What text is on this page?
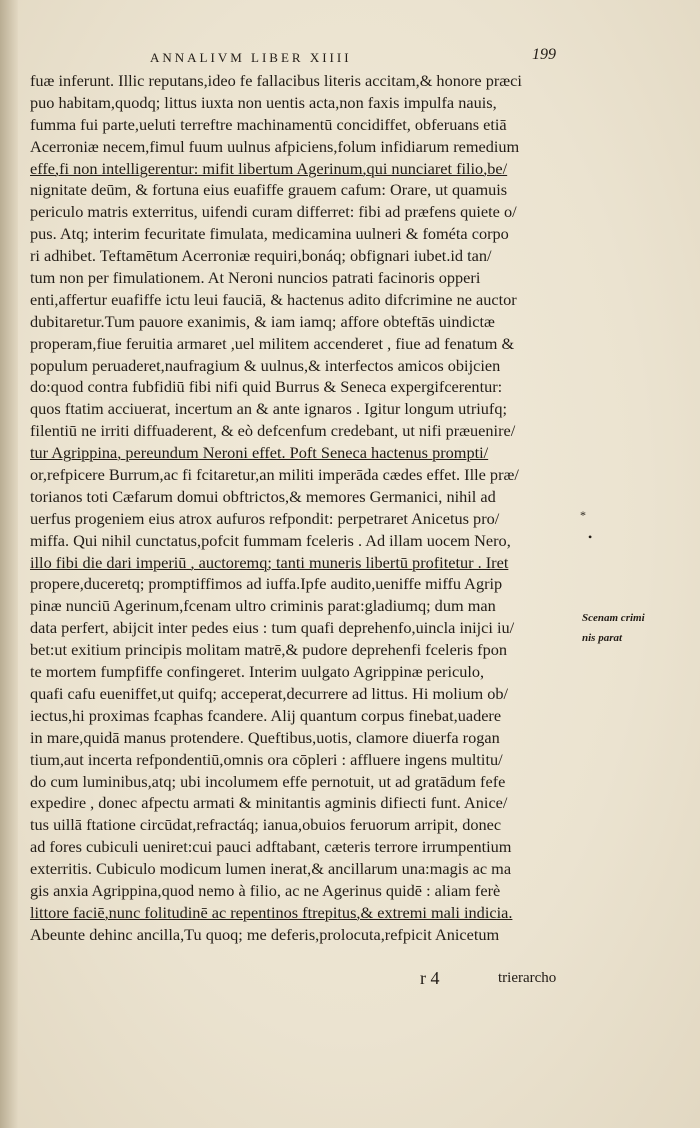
ANNALIVM LIBER XIIII	199
fuæ inferunt. Illic reputans,ideo fe fallacibus literis accitam,& honore præci
puo habitam,quodq; littus iuxta non uentis acta,non faxis impulfa nauis,
fumma fui parte,ueluti terreftre machinamentū concidiffet, obferuans etiā
Acerroniæ necem,fimul fuum uulnus afpiciens,folum infidiarum remedium
effe,fi non intelligerentur: mifit libertum Agerinum,qui nunciaret filio,be/
nignitate deūm, & fortuna eius euafiffe grauem cafum: Orare, ut quamuis
periculo matris exterritus, uifendi curam differret: fibi ad præfens quiete o/
pus. Atq; interim fecuritate fimulata, medicamina uulneri & fométa corpo
ri adhibet. Teftamētum Acerroniæ requiri,bonáq; obfignari iubet.id tan/
tum non per fimulationem. At Neroni nuncios patrati facinoris opperi
enti,affertur euafiffe ictu leui fauciā, & hactenus adito difcrimine ne auctor
dubitaretur.Tum pauore exanimis, & iam iamq; affore obteftās uindictæ
properam,fiue feruitia armaret ,uel militem accenderet , fiue ad fenatum &
populum peruaderet,naufragium & uulnus,& interfectos amicos obijcien
do:quod contra fubfidiū fibi nifi quid Burrus & Seneca expergifcerentur:
quos ftatim acciuerat, incertum an & ante ignaros . Igitur longum utriufq;
filentiū ne irriti diffuaderent, & eò defcenfum credebant, ut nifi præuenire/
tur Agrippina, pereundum Neroni effet. Poft Seneca hactenus prompti/
or,refpicere Burrum,ac fi fcitaretur,an militi imperāda cædes effet. Ille præ/
torianos toti Cæfarum domui obftrictos,& memores Germanici, nihil ad
uerfus progeniem eius atrox aufuros refpondit: perpetraret Anicetus pro/
miffa. Qui nihil cunctatus,pofcit fummam fceleris . Ad illam uocem Nero,
illo fibi die dari imperiū , auctoremq; tanti muneris libertū profitetur . Iret
propere,duceretq; promptiffimos ad iuffa.Ipfe audito,ueniffe miffu Agrip
pinæ nunciū Agerinum,fcenam ultro criminis parat:gladiumq; dum man
data perfert, abijcit inter pedes eius : tum quafi deprehenfo,uincla inijci iu/
bet:ut exitium principis molitam matrē,& pudore deprehenfi fceleris fpon
te mortem fumpfiffe confingeret. Interim uulgato Agrippinæ periculo,
quafi cafu eueniffet,ut quifq; acceperat,decurrere ad littus. Hi molium ob/
iectus,hi proximas fcaphas fcandere. Alij quantum corpus finebat,uadere
in mare,quidā manus protendere. Queftibus,uotis, clamore diuerfa rogan
tium,aut incerta refpondentiū,omnis ora cōpleri : affluere ingens multitu/
do cum luminibus,atq; ubi incolumem effe pernotuit, ut ad gratādum fefe
expedire , donec afpectu armati & minitantis agminis difiecti funt. Anice/
tus uillā ftatione circūdat,refractáq; ianua,obuios feruorum arripit, donec
ad fores cubiculi ueniret:cui pauci adftabant, cæteris terrore irrumpentium
exterritis. Cubiculo modicum lumen inerat,& ancillarum una:magis ac ma
gis anxia Agrippina,quod nemo à filio, ac ne Agerinus quidē : aliam ferè
littore faciē,nunc folitudinē ac repentinos ftrepitus,& extremi mali indicia.
Abeunte dehinc ancilla,Tu quoq; me deferis,prolocuta,refpicit Anicetum
Scenam crimi
nis parat
*
•
r 4	trierarcho
